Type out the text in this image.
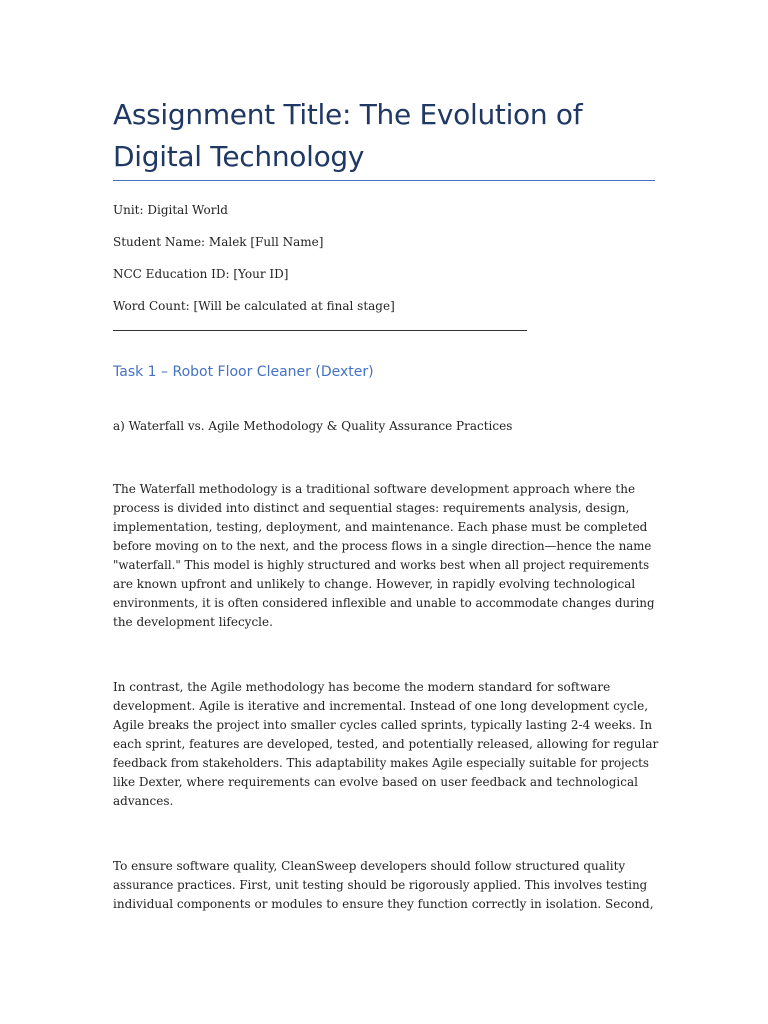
Assignment Title: The Evolution of
Digital Technology

Unit: Digital World

Student Name: Malek [Full Name]

NCC Education ID: [Your ID]

Word Count: [Will be calculated at final stage]

Task 1 – Robot Floor Cleaner (Dexter)

a) Waterfall vs. Agile Methodology & Quality Assurance Practices

The Waterfall methodology is a traditional software development approach where the
process is divided into distinct and sequential stages: requirements analysis, design,
implementation, testing, deployment, and maintenance. Each phase must be completed
before moving on to the next, and the process flows in a single direction—hence the name
"waterfall." This model is highly structured and works best when all project requirements
are known upfront and unlikely to change. However, in rapidly evolving technological
environments, it is often considered inflexible and unable to accommodate changes during
the development lifecycle.
In contrast, the Agile methodology has become the modern standard for software
development. Agile is iterative and incremental. Instead of one long development cycle,
Agile breaks the project into smaller cycles called sprints, typically lasting 2-4 weeks. In
each sprint, features are developed, tested, and potentially released, allowing for regular
feedback from stakeholders. This adaptability makes Agile especially suitable for projects
like Dexter, where requirements can evolve based on user feedback and technological
advances.
To ensure software quality, CleanSweep developers should follow structured quality
assurance practices. First, unit testing should be rigorously applied. This involves testing
individual components or modules to ensure they function correctly in isolation. Second,
